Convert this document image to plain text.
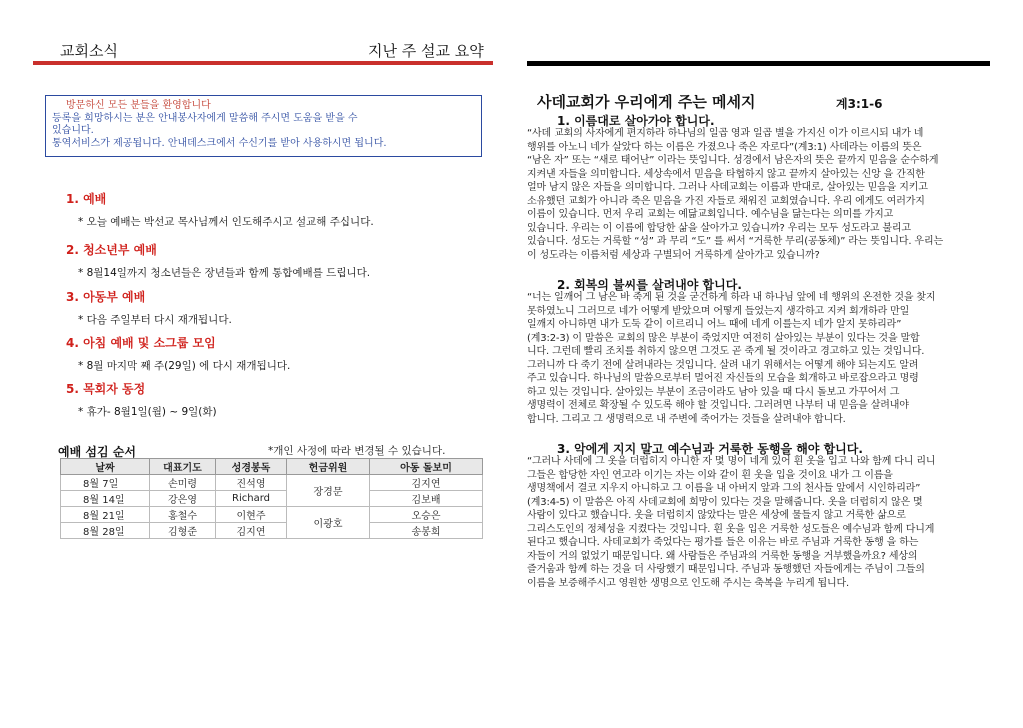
교회소식	지난 주 설교 요약
방문하신 모든 분들을 환영합니다
등록을 희망하시는 분은 안내봉사자에게 말씀해 주시면 도움을 받을 수
있습니다.
통역서비스가 제공됩니다. 안내데스크에서 수신기를 받아 사용하시면 됩니다.
1. 예배
* 오늘 예배는 박선교 목사님께서 인도해주시고 설교해 주십니다.
2. 청소년부 예배
* 8월14일까지 청소년들은 장년들과 함께 통합예배를 드립니다.
3. 아동부 예배
* 다음 주일부터 다시 재개됩니다.
4. 아침 예배 및 소그룹 모임
* 8월 마지막 째 주(29일) 에 다시 재개됩니다.
5. 목회자 동정
* 휴가- 8월1일(월) ~ 9일(화)
예배 섬김 순서	*개인 사정에 따라 변경될 수 있습니다.
날짜	대표기도	성경봉독	헌금위원	아동 돌보미
8월 7일	손미령	진석영	장경문	김지연
8월 14일	강은영	Richard		김보배
8월 21일	홍철수	이현주	이광호	오승은
8월 28일	김형준	김지연		송봉희
사데교회가 우리에게 주는 메세지	계3:1-6
1. 이름대로 살아가야 합니다.

“사데 교회의 사자에게 편지하라 하나님의 일곱 영과 일곱 별을 가지신 이가 이르시되 내가 네

행위를 아노니 네가 살았다 하는 이름은 가졌으나 죽은 자로다”(계3:1) 사데라는 이름의 뜻은

“남은 자” 또는 “새로 태어난” 이라는 뜻입니다. 성경에서 남은자의 뜻은 끝까지 믿음을 순수하게

지켜낸 자들을 의미합니다. 세상속에서 믿음을 타협하지 않고 끝까지 살아있는 신앙 을 간직한

얼마 남지 않은 자들을 의미합니다. 그러나 사데교회는 이름과 반대로, 살아있는 믿음을 지키고

소유했던 교회가 아니라 죽은 믿음을 가진 자들로 채워진 교회였습니다. 우리 에게도 여러가지

이름이 있습니다. 먼저 우리 교회는 예닮교회입니다. 예수님을 닮는다는 의미를 가지고

있습니다. 우리는 이 이름에 합당한 삶을 살아가고 있습니까? 우리는 모두 성도라고 불리고

있습니다. 성도는 거룩할 “성” 과 무리 “도” 를 써서 “거룩한 무리(공동체)” 라는 뜻입니다. 우리는

이 성도라는 이름처럼 세상과 구별되어 거룩하게 살아가고 있습니까?

2. 회복의 불씨를 살려내야 합니다.

“너는 일깨어 그 남은 바 죽게 된 것을 굳건하게 하라 내 하나님 앞에 네 행위의 온전한 것을 찾지

못하였노니 그러므로 네가 어떻게 받았으며 어떻게 들었는지 생각하고 지켜 회개하라 만일

일깨지 아니하면 내가 도둑 같이 이르리니 어느 때에 네게 이를는지 네가 알지 못하리라”

(계3:2-3) 이 말씀은 교회의 많은 부분이 죽었지만 여전히 살아있는 부분이 있다는 것을 말합

니다. 그런데 빨리 조치를 취하지 않으면 그것도 곧 죽게 될 것이라고 경고하고 있는 것입니다.

그러니까 다 죽기 전에 살려내라는 것입니다. 살려 내기 위해서는 어떻게 해야 되는지도 알려

주고 있습니다. 하나님의 말씀으로부터 멀어진 자신들의 모습을 회개하고 바로잡으라고 명령

하고 있는 것입니다. 살아있는 부분이 조금이라도 남아 있을 때 다시 돌보고 가꾸어서 그

생명력이 전체로 확장될 수 있도록 해야 할 것입니다. 그러려면 나부터 내 믿음을 살려내야

합니다. 그리고 그 생명력으로 내 주변에 죽어가는 것들을 살려내야 합니다.

3. 악에게 지지 말고 예수님과 거룩한 동행을 해야 합니다.

“그러나 사데에 그 옷을 더럽히지 아니한 자 몇 명이 네게 있어 흰 옷을 입고 나와 함께 다니 리니

그들은 합당한 자인 연고라 이기는 자는 이와 같이 흰 옷을 입을 것이요 내가 그 이름을

생명책에서 결코 지우지 아니하고 그 이름을 내 아버지 앞과 그의 천사들 앞에서 시인하리라”

(계3:4-5) 이 말씀은 아직 사데교회에 희망이 있다는 것을 말해줍니다. 옷을 더럽히지 않은 몇

사람이 있다고 했습니다. 옷을 더럽히지 않았다는 말은 세상에 물들지 않고 거룩한 삶으로

그리스도인의 정체성을 지켰다는 것입니다. 흰 옷을 입은 거룩한 성도들은 예수님과 함께 다니게

된다고 했습니다. 사데교회가 죽었다는 평가를 들은 이유는 바로 주님과 거룩한 동행 을 하는

자들이 거의 없었기 때문입니다. 왜 사람들은 주님과의 거룩한 동행을 거부했을까요? 세상의

즐거움과 함께 하는 것을 더 사랑했기 때문입니다. 주님과 동행했던 자들에게는 주님이 그들의

이름을 보증해주시고 영원한 생명으로 인도해 주시는 축복을 누리게 됩니다.
